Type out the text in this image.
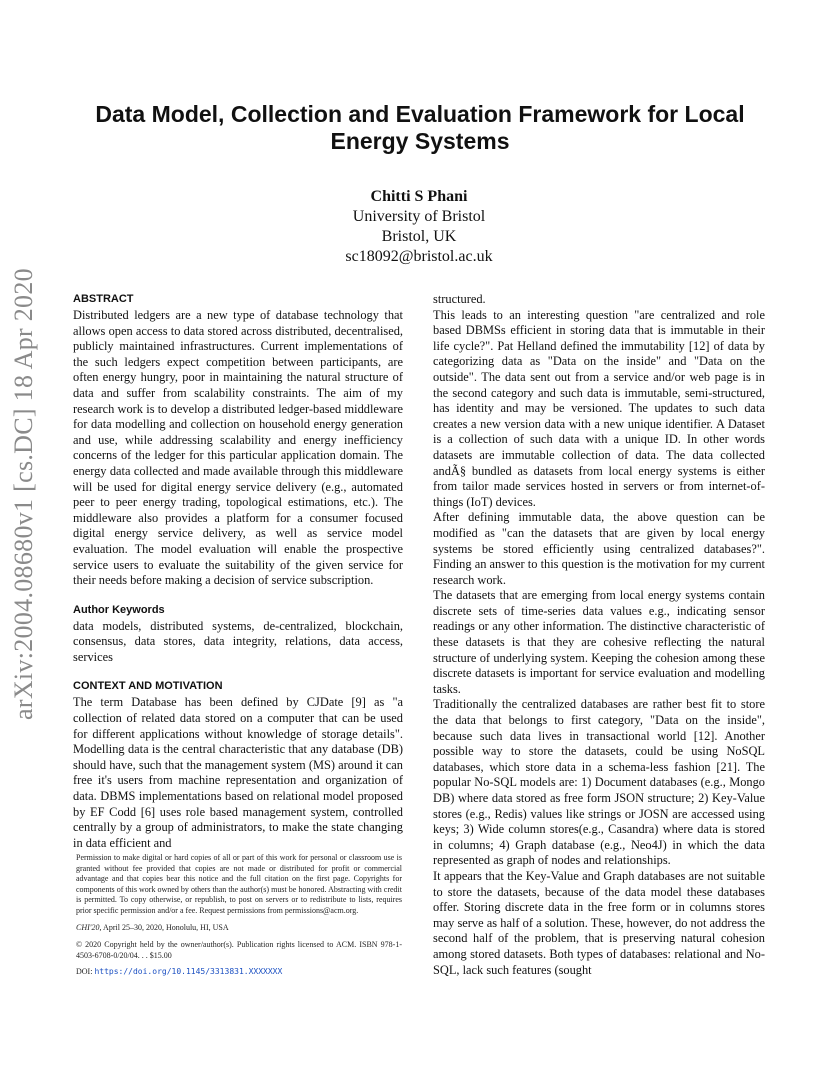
Data Model, Collection and Evaluation Framework for Local Energy Systems
Chitti S Phani
University of Bristol
Bristol, UK
sc18092@bristol.ac.uk
arXiv:2004.08680v1 [cs.DC] 18 Apr 2020	ABSTRACT

Distributed ledgers are a new type of database technology that allows open access to data stored across distributed, decentralised, publicly maintained infrastructures. Current implementations of the such ledgers expect competition between participants, are often energy hungry, poor in maintaining the natural structure of data and suffer from scalability constraints. The aim of my research work is to develop a distributed ledger-based middleware for data modelling and collection on household energy generation and use, while addressing scalability and energy inefficiency concerns of the ledger for this particular application domain. The energy data collected and made available through this middleware will be used for digital energy service delivery (e.g., automated peer to peer energy trading, topological estimations, etc.). The middleware also provides a platform for a consumer focused digital energy service delivery, as well as service model evaluation. The model evaluation will enable the prospective service users to evaluate the suitability of the given service for their needs before making a decision of service subscription.

Author Keywords

data models, distributed systems, de-centralized, blockchain, consensus, data stores, data integrity, relations, data access, services

CONTEXT AND MOTIVATION

The term Database has been defined by CJDate [9] as "a collection of related data stored on a computer that can be used for different applications without knowledge of storage details". Modelling data is the central characteristic that any database (DB) should have, such that the management system (MS) around it can free it's users from machine representation and organization of data. DBMS implementations based on relational model proposed by EF Codd [6] uses role based management system, controlled centrally by a group of administrators, to make the state changing in data efficient and

structured.

This leads to an interesting question "are centralized and role based DBMSs efficient in storing data that is immutable in their life cycle?". Pat Helland defined the immutability [12] of data by categorizing data as "Data on the inside" and "Data on the outside". The data sent out from a service and/or web page is in the second category and such data is immutable, semi-structured, has identity and may be versioned. The updates to such data creates a new version data with a new unique identifier. A Dataset is a collection of such data with a unique ID. In other words datasets are immutable collection of data. The data collected andÃ§ bundled as datasets from local energy systems is either from tailor made services hosted in servers or from internet-of-things (IoT) devices.

After defining immutable data, the above question can be modified as "can the datasets that are given by local energy systems be stored efficiently using centralized databases?". Finding an answer to this question is the motivation for my current research work.

The datasets that are emerging from local energy systems contain discrete sets of time-series data values e.g., indicating sensor readings or any other information. The distinctive characteristic of these datasets is that they are cohesive reflecting the natural structure of underlying system. Keeping the cohesion among these discrete datasets is important for service evaluation and modelling tasks.

Traditionally the centralized databases are rather best fit to store the data that belongs to first category, "Data on the inside", because such data lives in transactional world [12]. Another possible way to store the datasets, could be using NoSQL databases, which store data in a schema-less fashion [21]. The popular No-SQL models are: 1) Document databases (e.g., Mongo DB) where data stored as free form JSON structure; 2) Key-Value stores (e.g., Redis) values like strings or JOSN are accessed using keys; 3) Wide column stores(e.g., Casandra) where data is stored in columns; 4) Graph database (e.g., Neo4J) in which the data represented as graph of nodes and relationships.

It appears that the Key-Value and Graph databases are not suitable to store the datasets, because of the data model these databases offer. Storing discrete data in the free form or in columns stores may serve as half of a solution. These, however, do not address the second half of the problem, that is preserving natural cohesion among stored datasets. Both types of databases: relational and No-SQL, lack such features (sought

Permission to make digital or hard copies of all or part of this work for personal or classroom use is granted without fee provided that copies are not made or distributed for profit or commercial advantage and that copies bear this notice and the full citation on the first page. Copyrights for components of this work owned by others than the author(s) must be honored. Abstracting with credit is permitted. To copy otherwise, or republish, to post on servers or to redistribute to lists, requires prior specific permission and/or a fee. Request permissions from permissions@acm.org.

CHI'20, April 25–30, 2020, Honolulu, HI, USA

© 2020 Copyright held by the owner/author(s). Publication rights licensed to ACM. ISBN 978-1-4503-6708-0/20/04. . . $15.00

DOI: https://doi.org/10.1145/3313831.XXXXXXX
